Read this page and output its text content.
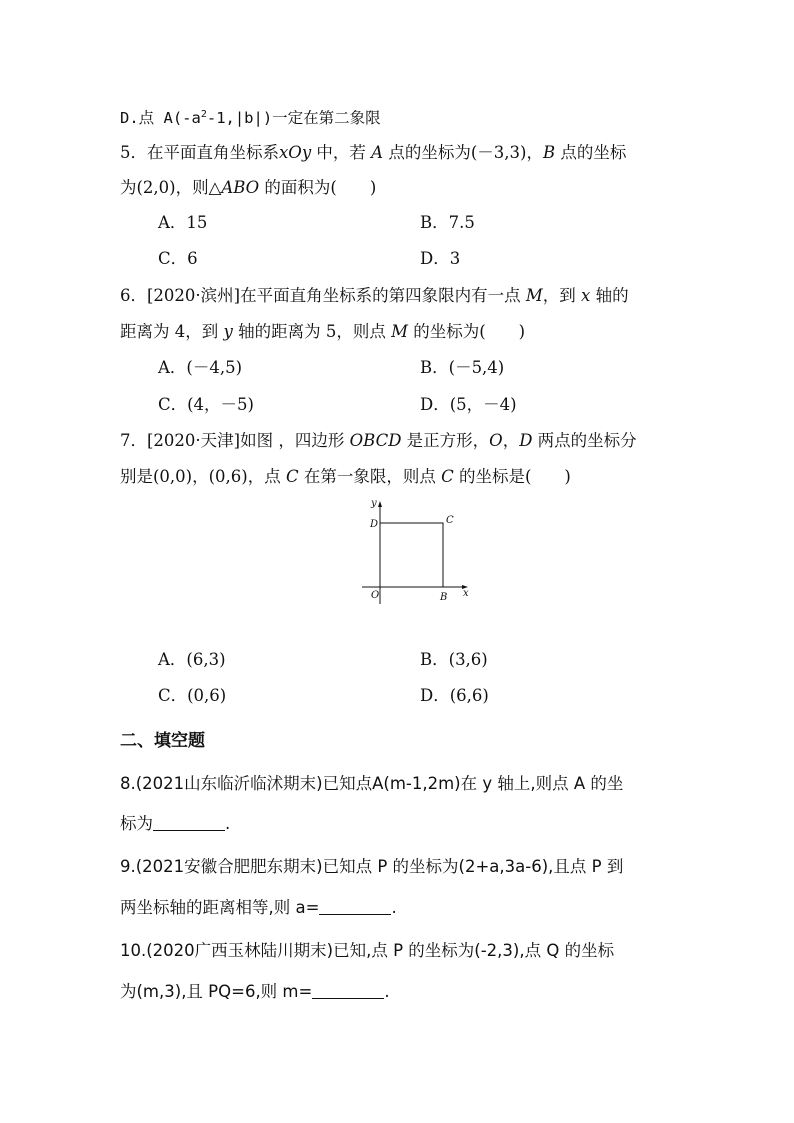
D.点 $A(-a^2-1,|b|)$一定在第二象限
5．在平面直角坐标系xOy 中，若 A 点的坐标为(－3,3)，B 点的坐标
为(2,0)，则△ABO 的面积为(　　)
A．15	B．7.5
C．6	D．3
6．[2020·滨州]在平面直角坐标系的第四象限内有一点 M，到 x 轴的
距离为 4，到 y 轴的距离为 5，则点 M 的坐标为(　　)
A．(－4,5)	B．(－5,4)
C．(4，－5)	D．(5，－4)
7．[2020·天津]如图 ，四边形 OBCD 是正方形，O，D 两点的坐标分
别是(0,0)，(0,6)，点 C 在第一象限，则点 C 的坐标是(　　)
y
x
O	B
C
D
A．(6,3)	B．(3,6)
C．(0,6)	D．(6,6)
二、填空题
8.(2021山东临沂临沭期末)已知点A(m-1,2m)在 y 轴上,则点 A 的坐
标为	.
9.(2021安徽合肥肥东期末)已知点 P 的坐标为(2+a,3a-6),且点 P 到
两坐标轴的距离相等,则 a=	.
10.(2020广西玉林陆川期末)已知,点 P 的坐标为(-2,3),点 Q 的坐标
为(m,3),且 PQ=6,则 m=	.
